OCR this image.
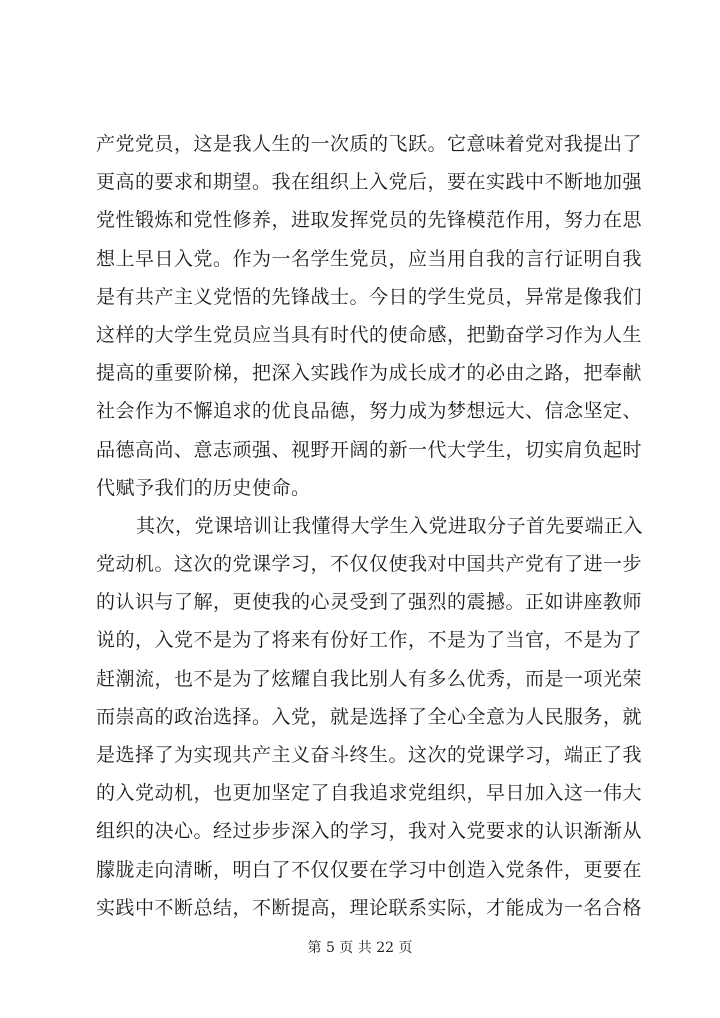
产党党员，这是我人生的一次质的飞跃。它意味着党对我提出了
更高的要求和期望。我在组织上入党后，要在实践中不断地加强
党性锻炼和党性修养，进取发挥党员的先锋模范作用，努力在思
想上早日入党。作为一名学生党员，应当用自我的言行证明自我
是有共产主义党悟的先锋战士。今日的学生党员，异常是像我们
这样的大学生党员应当具有时代的使命感，把勤奋学习作为人生
提高的重要阶梯，把深入实践作为成长成才的必由之路，把奉献
社会作为不懈追求的优良品德，努力成为梦想远大、信念坚定、
品德高尚、意志顽强、视野开阔的新一代大学生，切实肩负起时
代赋予我们的历史使命。
其次，党课培训让我懂得大学生入党进取分子首先要端正入
党动机。这次的党课学习，不仅仅使我对中国共产党有了进一步
的认识与了解，更使我的心灵受到了强烈的震撼。正如讲座教师
说的，入党不是为了将来有份好工作，不是为了当官，不是为了
赶潮流，也不是为了炫耀自我比别人有多么优秀，而是一项光荣
而崇高的政治选择。入党，就是选择了全心全意为人民服务，就
是选择了为实现共产主义奋斗终生。这次的党课学习，端正了我
的入党动机，也更加坚定了自我追求党组织，早日加入这一伟大
组织的决心。经过步步深入的学习，我对入党要求的认识渐渐从
朦胧走向清晰，明白了不仅仅要在学习中创造入党条件，更要在
实践中不断总结，不断提高，理论联系实际，才能成为一名合格
第 5 页 共 22 页
